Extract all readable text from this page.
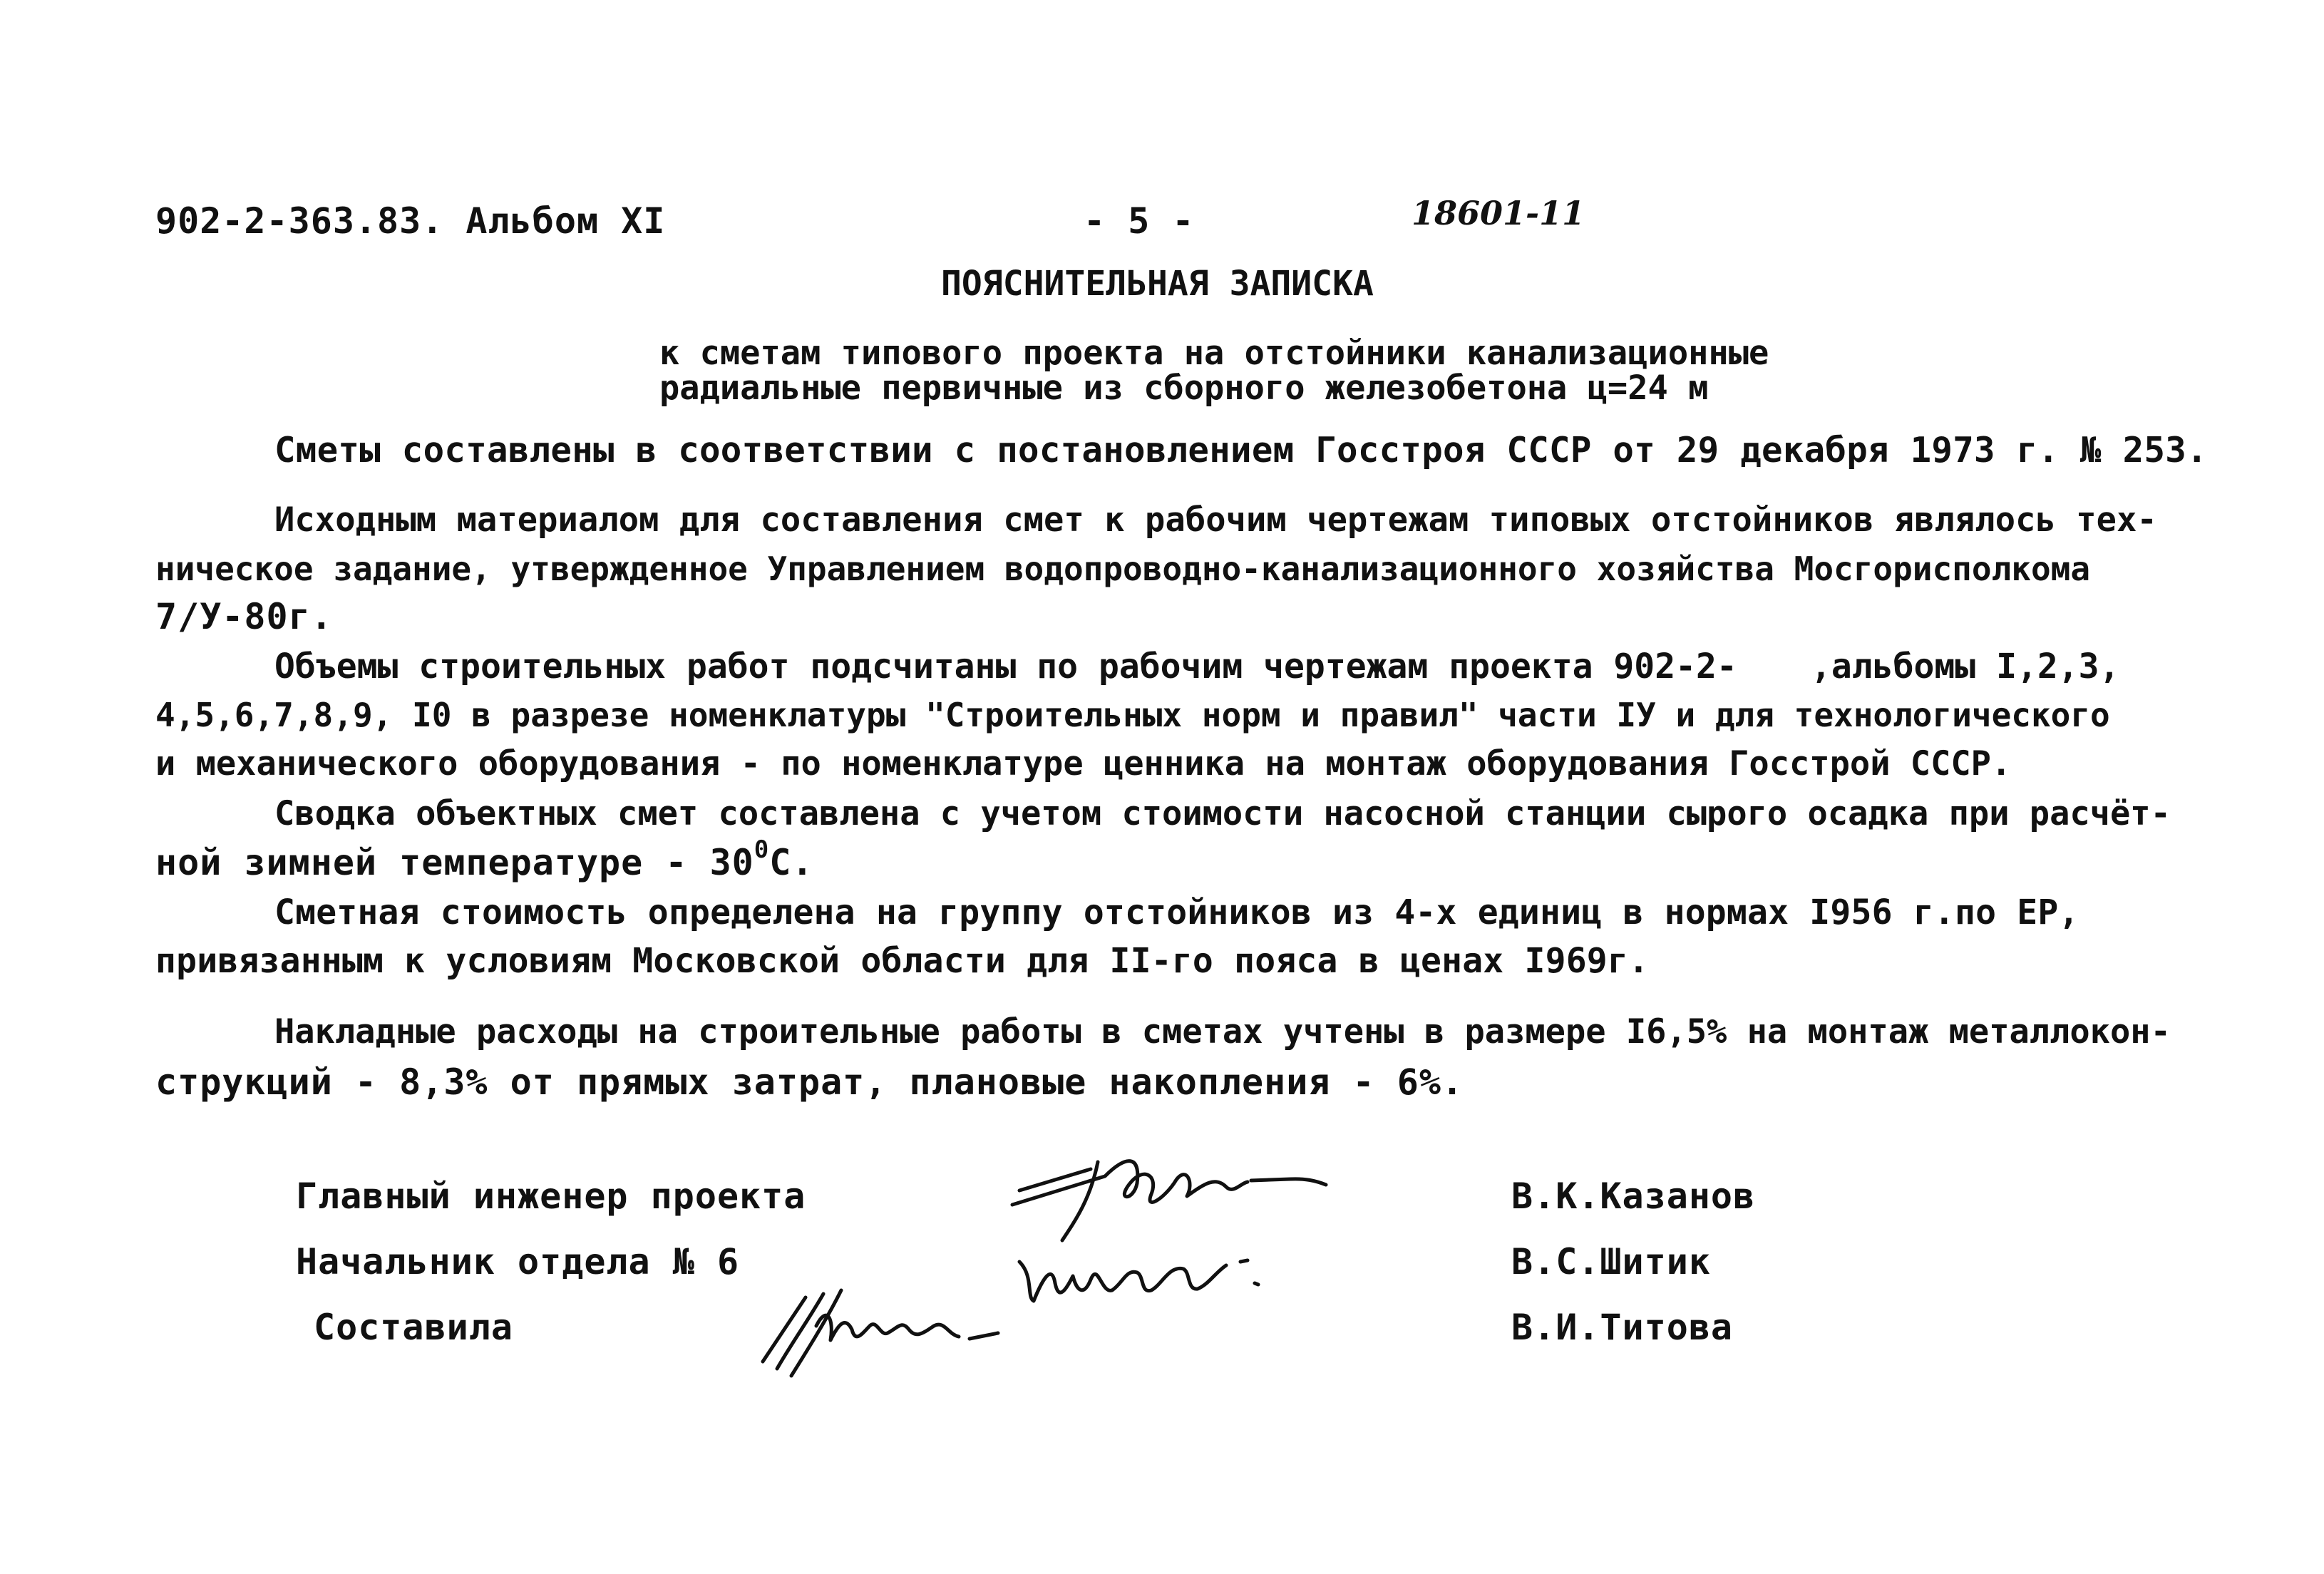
902-2-363.83. Альбом XI	- 5 -	18601-11
ПОЯСНИТЕЛЬНАЯ ЗАПИСКА
к сметам типового проекта на отстойники канализационные
радиальные первичные из сборного железобетона ц=24 м
Сметы составлены в соответствии с постановлением Госстроя СССР от 29 декабря 1973 г. № 253.
Исходным материалом для составления смет к рабочим чертежам типовых отстойников являлось тех-
ническое задание, утвержденное Управлением водопроводно-канализационного хозяйства Мосгорисполкома
7/У-80г.
Объемы строительных работ подсчитаны по рабочим чертежам проекта 902-2- ,альбомы I,2,3,
4,5,6,7,8,9, I0 в разрезе номенклатуры "Строительных норм и правил" части IУ и для технологического
и механического оборудования - по номенклатуре ценника на монтаж оборудования Госстрой СССР.
Сводка объектных смет составлена с учетом стоимости насосной станции сырого осадка при расчёт-
ной зимней температуре - $30^0С$.
Сметная стоимость определена на группу отстойников из 4-х единиц в нормах I956 г.по ЕР,
привязанным к условиям Московской области для II-го пояса в ценах I969г.
Накладные расходы на строительные работы в сметах учтены в размере I6,5% на монтаж металлокон-
струкций - 8,3% от прямых затрат, плановые накопления - 6%.
Главный инженер проекта	В.К.Казанов
Начальник отдела № 6	В.С.Шитик
Составила	В.И.Титова
